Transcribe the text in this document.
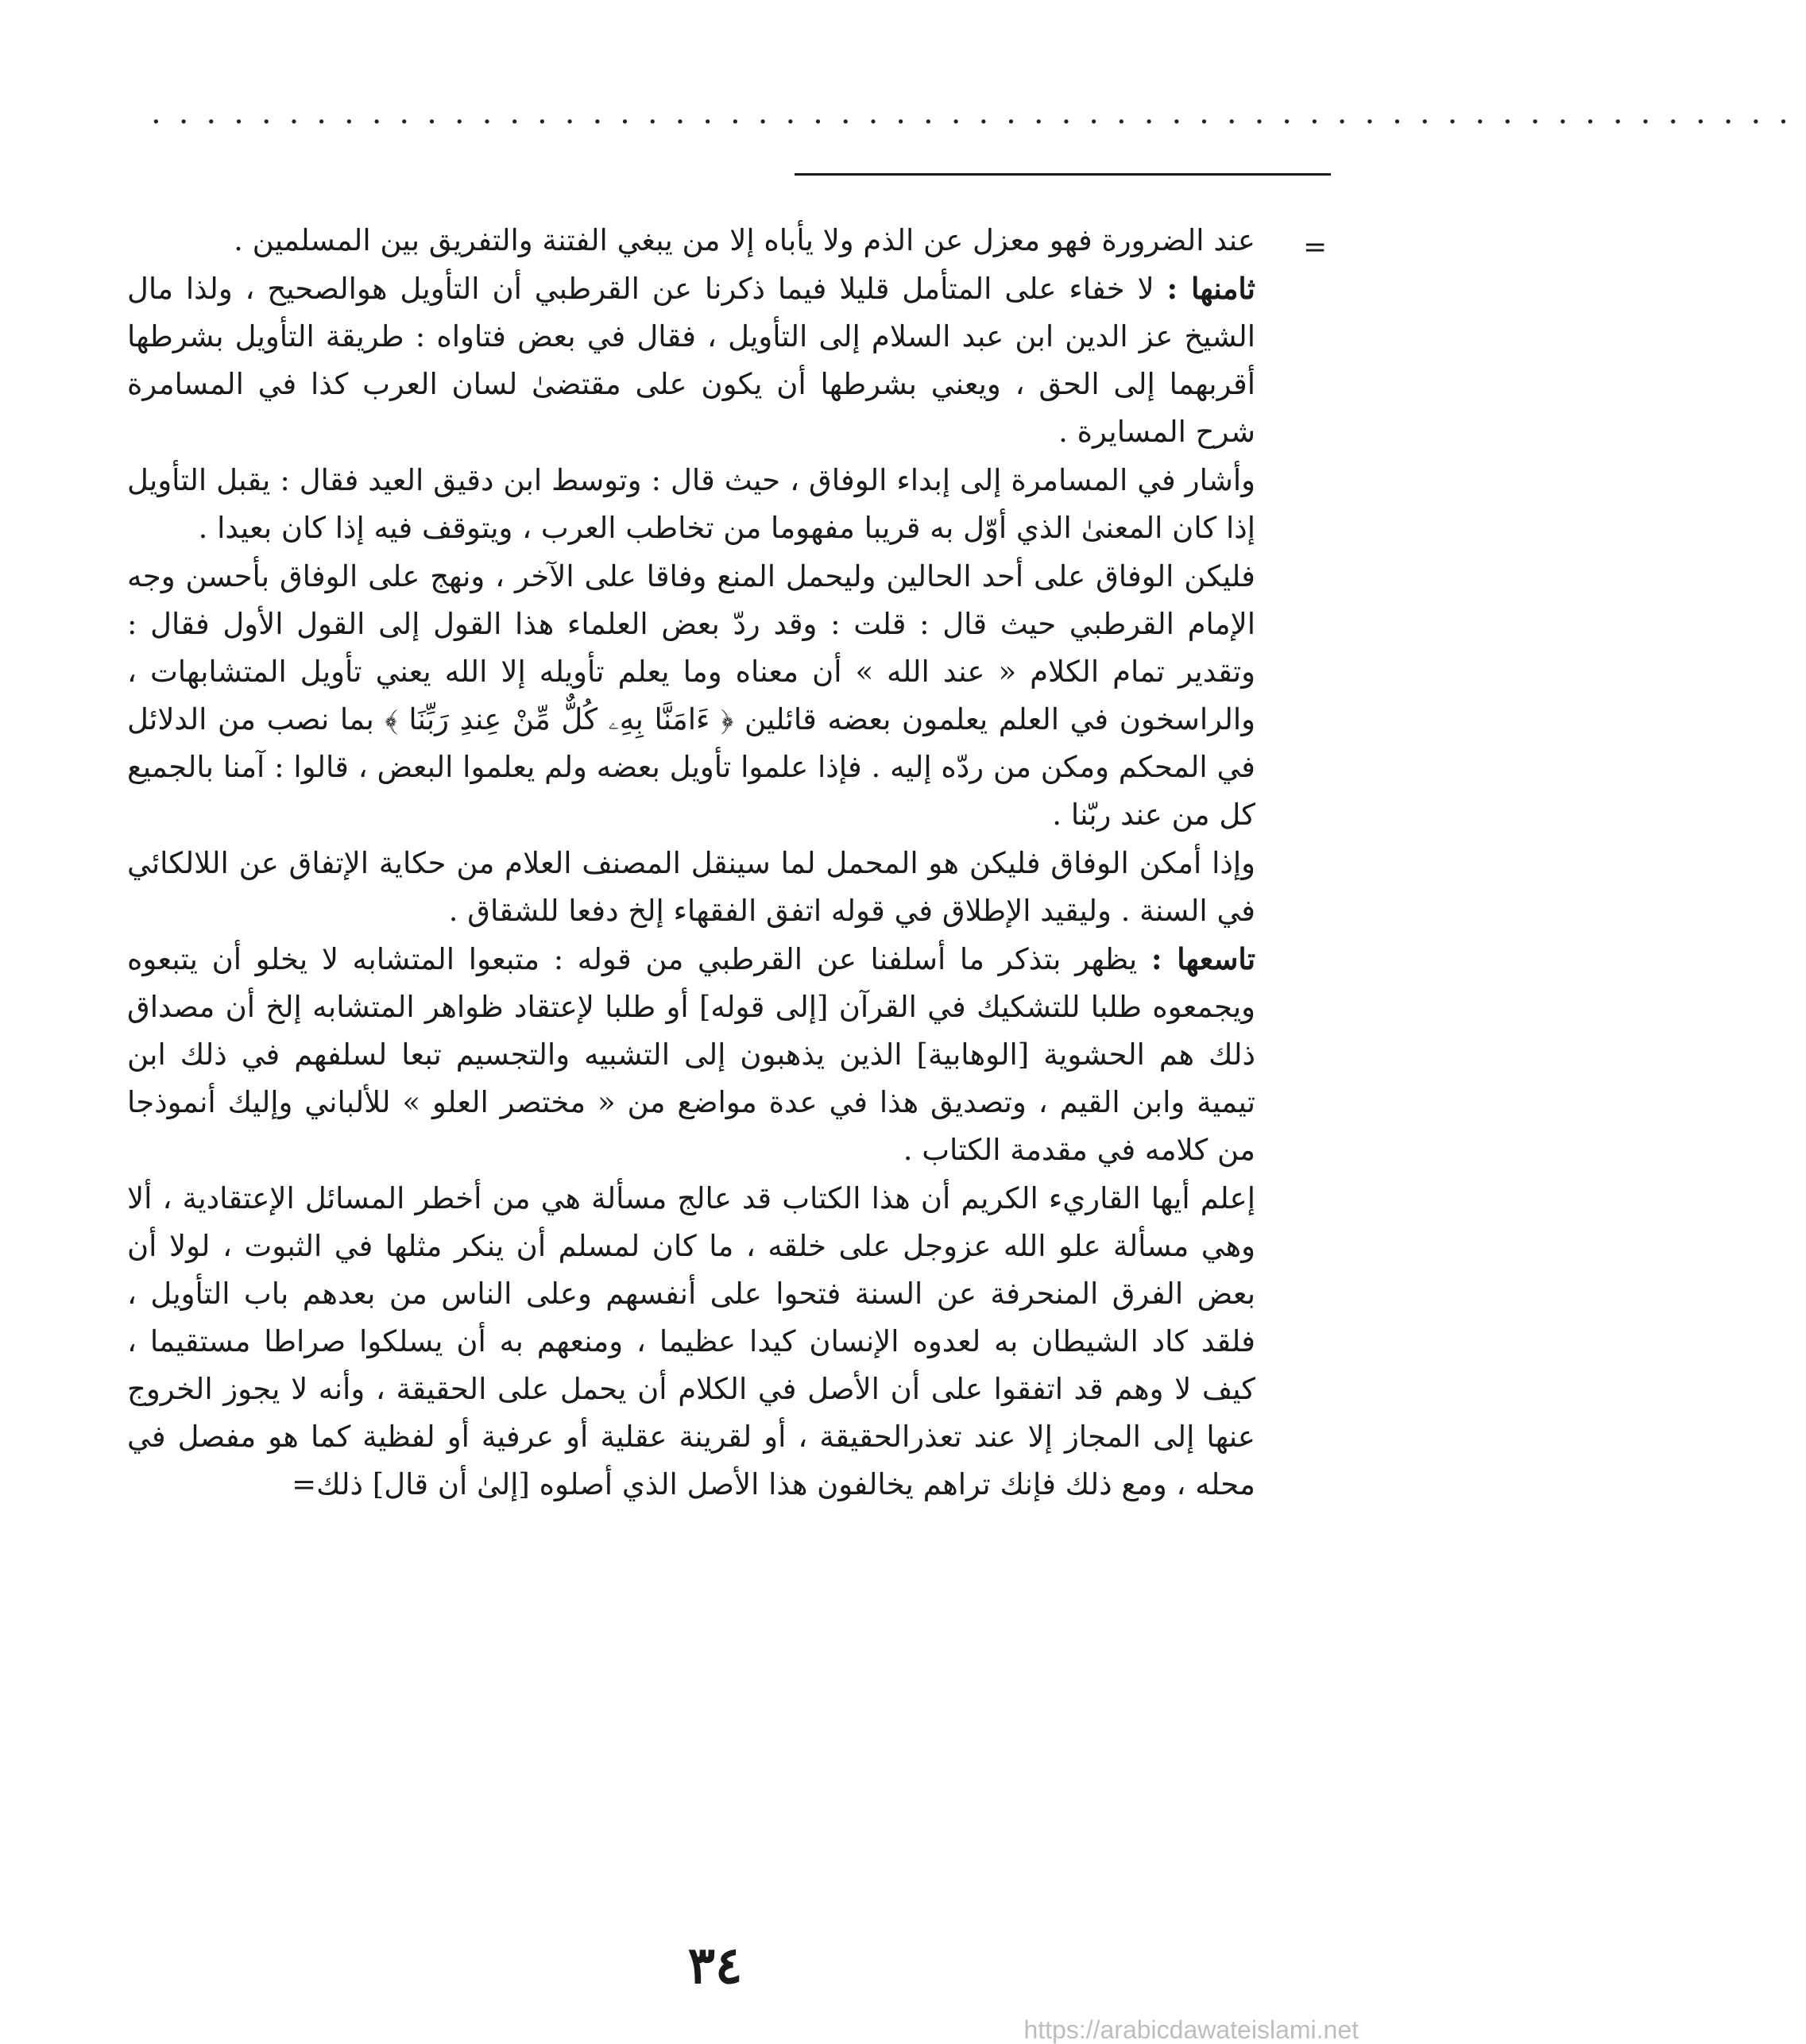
............................................................
=

عند الضرورة فهو معزل عن الذم ولا يأباه إلا من يبغي الفتنة والتفريق بين المسلمين .

ثامنها : لا خفاء على المتأمل قليلا فيما ذكرنا عن القرطبي أن التأويل هوالصحيح ، ولذا مال الشيخ عز الدين ابن عبد السلام إلى التأويل ، فقال في بعض فتاواه : طريقة التأويل بشرطها أقربهما إلى الحق ، ويعني بشرطها أن يكون على مقتضىٰ لسان العرب كذا في المسامرة شرح المسايرة .

وأشار في المسامرة إلى إبداء الوفاق ، حيث قال : وتوسط ابن دقيق العيد فقال : يقبل التأويل إذا كان المعنىٰ الذي أوّل به قريبا مفهوما من تخاطب العرب ، ويتوقف فيه إذا كان بعيدا .

فليكن الوفاق على أحد الحالين وليحمل المنع وفاقا على الآخر ، ونهج على الوفاق بأحسن وجه الإمام القرطبي حيث قال : قلت : وقد ردّ بعض العلماء هذا القول إلى القول الأول فقال : وتقدير تمام الكلام « عند الله » أن معناه وما يعلم تأويله إلا الله يعني تأويل المتشابهات ، والراسخون في العلم يعلمون بعضه قائلين ﴿ ءَامَنَّا بِهِۦ كُلٌّ مِّنْ عِندِ رَبِّنَا ﴾ بما نصب من الدلائل في المحكم ومكن من ردّه إليه . فإذا علموا تأويل بعضه ولم يعلموا البعض ، قالوا : آمنا بالجميع كل من عند ربّنا .

وإذا أمكن الوفاق فليكن هو المحمل لما سينقل المصنف العلام من حكاية الإتفاق عن اللالكائي في السنة . وليقيد الإطلاق في قوله اتفق الفقهاء إلخ دفعا للشقاق .

تاسعها : يظهر بتذكر ما أسلفنا عن القرطبي من قوله : متبعوا المتشابه لا يخلو أن يتبعوه ويجمعوه طلبا للتشكيك في القرآن [إلى قوله] أو طلبا لإعتقاد ظواهر المتشابه إلخ أن مصداق ذلك هم الحشوية [الوهابية] الذين يذهبون إلى التشبيه والتجسيم تبعا لسلفهم في ذلك ابن تيمية وابن القيم ، وتصديق هذا في عدة مواضع من « مختصر العلو » للألباني وإليك أنموذجا من كلامه في مقدمة الكتاب .

إعلم أيها القاريء الكريم أن هذا الكتاب قد عالج مسألة هي من أخطر المسائل الإعتقادية ، ألا وهي مسألة علو الله عزوجل على خلقه ، ما كان لمسلم أن ينكر مثلها في الثبوت ، لولا أن بعض الفرق المنحرفة عن السنة فتحوا على أنفسهم وعلى الناس من بعدهم باب التأويل ، فلقد كاد الشيطان به لعدوه الإنسان كيدا عظيما ، ومنعهم به أن يسلكوا صراطا مستقيما ، كيف لا وهم قد اتفقوا على أن الأصل في الكلام أن يحمل على الحقيقة ، وأنه لا يجوز الخروج عنها إلى المجاز إلا عند تعذرالحقيقة ، أو لقرينة عقلية أو عرفية أو لفظية كما هو مفصل في محله ، ومع ذلك فإنك تراهم يخالفون هذا الأصل الذي أصلوه [إلىٰ أن قال] ذلك=

٣٤
https://arabicdawateislami.net
